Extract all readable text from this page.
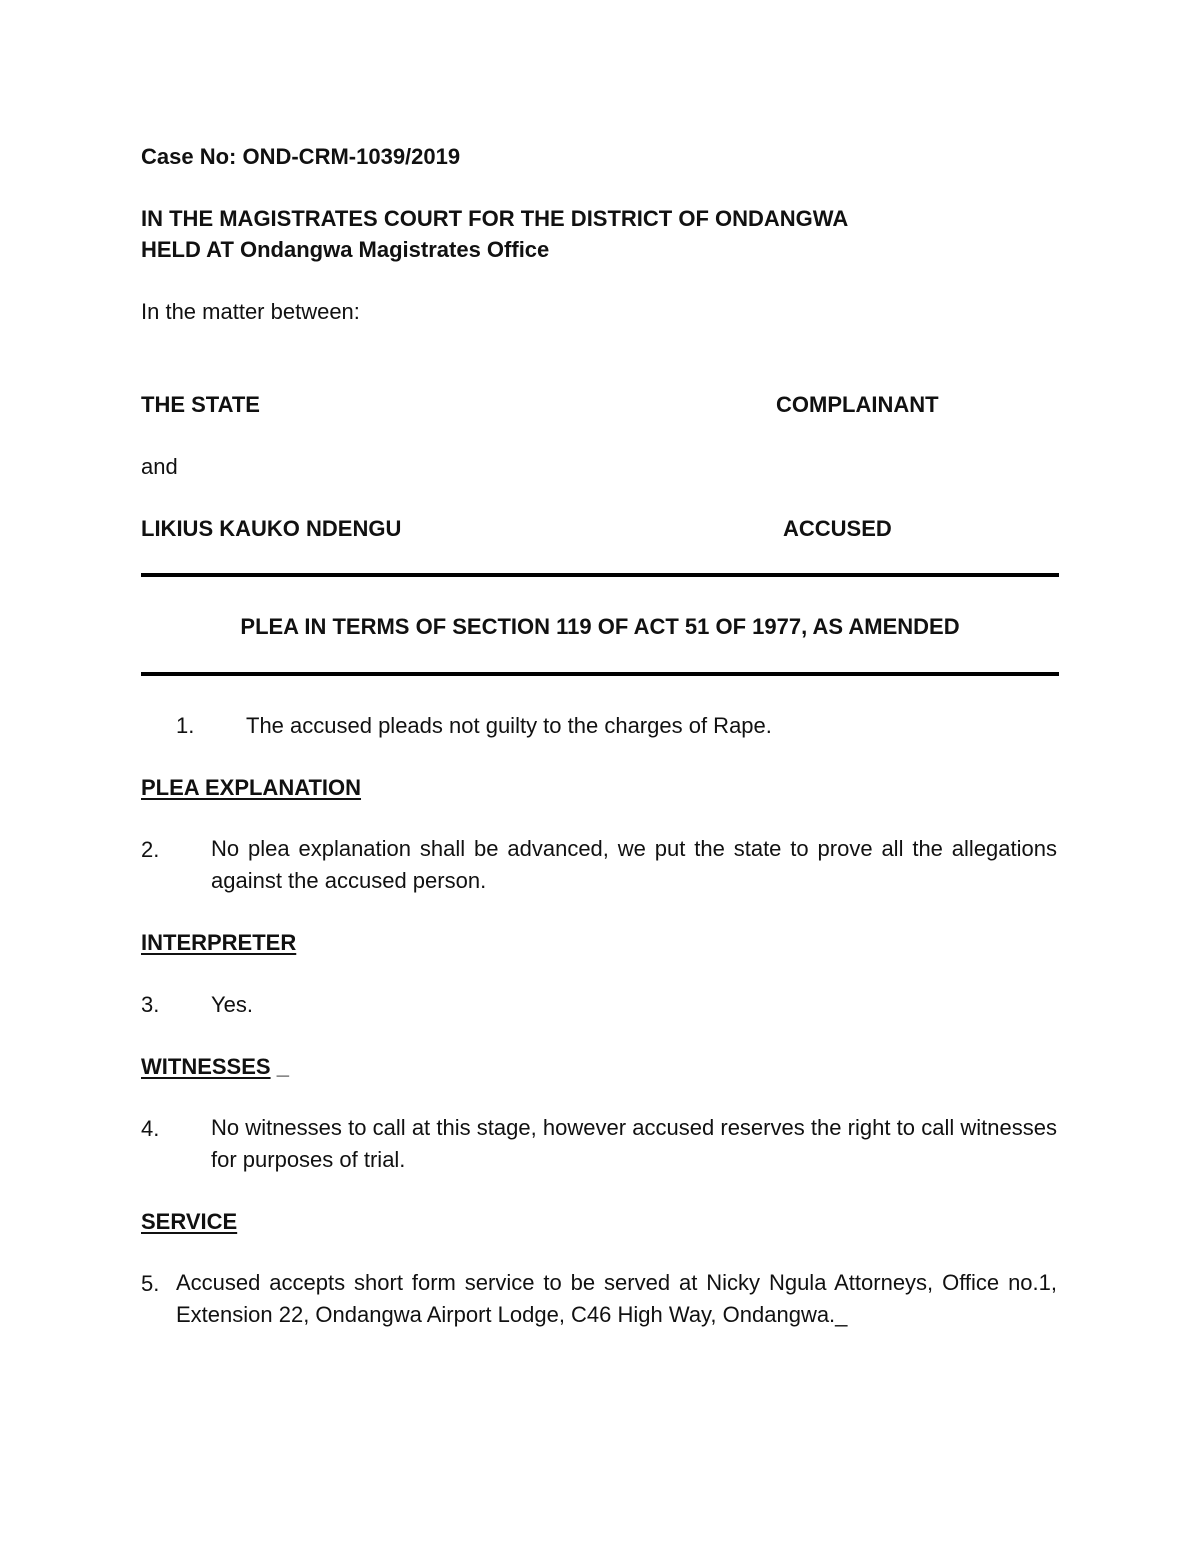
Case No: OND-CRM-1039/2019
IN THE MAGISTRATES COURT FOR THE DISTRICT OF ONDANGWA
HELD AT Ondangwa Magistrates Office
In the matter between:
THE STATE	COMPLAINANT
and
LIKIUS KAUKO NDENGU	ACCUSED
PLEA IN TERMS OF SECTION 119 OF ACT 51 OF 1977, AS AMENDED
1. The accused pleads not guilty to the charges of Rape.
PLEA EXPLANATION
2. No plea explanation shall be advanced, we put the state to prove all the allegations against the accused person.
INTERPRETER
3. Yes.
WITNESSES _
4. No witnesses to call at this stage, however accused reserves the right to call witnesses for purposes of trial.
SERVICE
5. Accused accepts short form service to be served at Nicky Ngula Attorneys, Office no.1, Extension 22, Ondangwa Airport Lodge, C46 High Way, Ondangwa._
